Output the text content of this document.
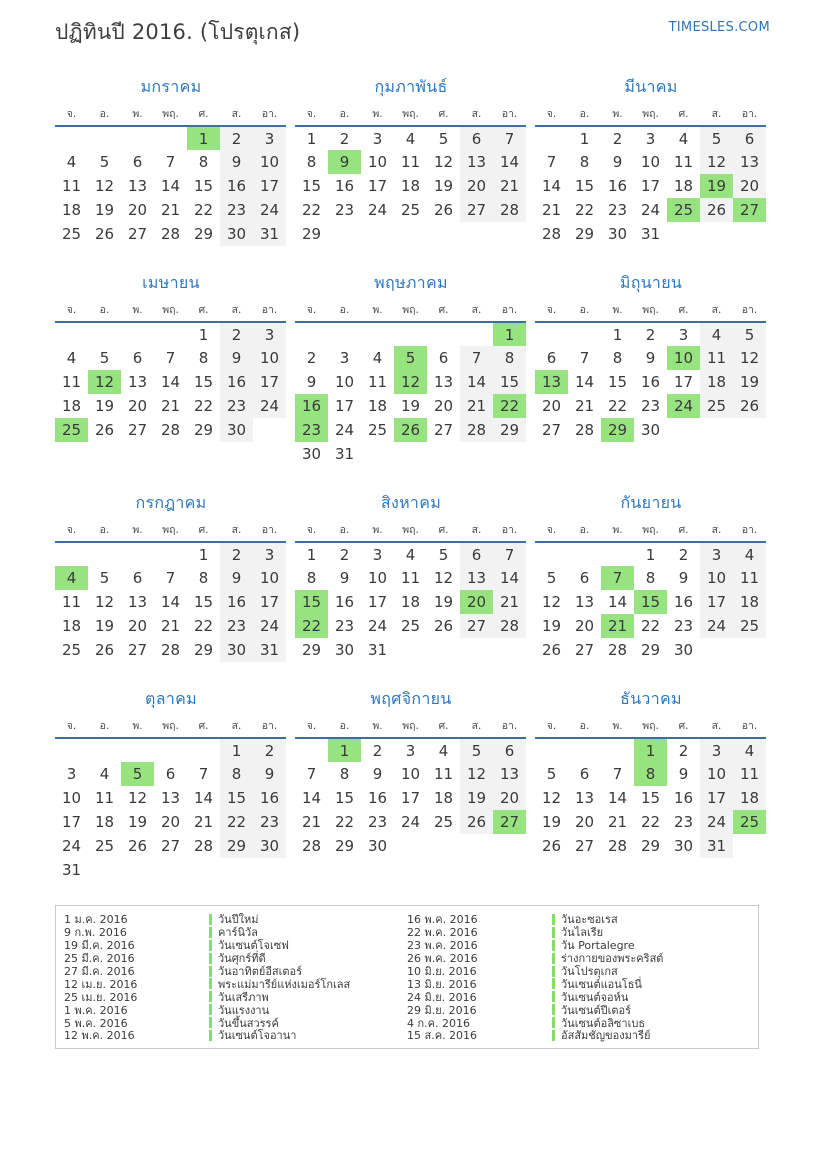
ปฏิทินปี 2016. (โปรตุเกส)	TIMESLES.COM
มกราคม
จ.	อ.	พ.	พฤ.	ศ.	ส.	อา.
				1	2	3
4	5	6	7	8	9	10
11	12	13	14	15	16	17
18	19	20	21	22	23	24
25	26	27	28	29	30	31
กุมภาพันธ์
จ.	อ.	พ.	พฤ.	ศ.	ส.	อา.
1	2	3	4	5	6	7
8	9	10	11	12	13	14
15	16	17	18	19	20	21
22	23	24	25	26	27	28
29						
มีนาคม
จ.	อ.	พ.	พฤ.	ศ.	ส.	อา.
	1	2	3	4	5	6
7	8	9	10	11	12	13
14	15	16	17	18	19	20
21	22	23	24	25	26	27
28	29	30	31			
เมษายน
จ.	อ.	พ.	พฤ.	ศ.	ส.	อา.
				1	2	3
4	5	6	7	8	9	10
11	12	13	14	15	16	17
18	19	20	21	22	23	24
25	26	27	28	29	30	
พฤษภาคม
จ.	อ.	พ.	พฤ.	ศ.	ส.	อา.
						1
2	3	4	5	6	7	8
9	10	11	12	13	14	15
16	17	18	19	20	21	22
23	24	25	26	27	28	29
30	31					
มิถุนายน
จ.	อ.	พ.	พฤ.	ศ.	ส.	อา.
		1	2	3	4	5
6	7	8	9	10	11	12
13	14	15	16	17	18	19
20	21	22	23	24	25	26
27	28	29	30			
กรกฎาคม
จ.	อ.	พ.	พฤ.	ศ.	ส.	อา.
				1	2	3
4	5	6	7	8	9	10
11	12	13	14	15	16	17
18	19	20	21	22	23	24
25	26	27	28	29	30	31
สิงหาคม
จ.	อ.	พ.	พฤ.	ศ.	ส.	อา.
1	2	3	4	5	6	7
8	9	10	11	12	13	14
15	16	17	18	19	20	21
22	23	24	25	26	27	28
29	30	31				
กันยายน
จ.	อ.	พ.	พฤ.	ศ.	ส.	อา.
			1	2	3	4
5	6	7	8	9	10	11
12	13	14	15	16	17	18
19	20	21	22	23	24	25
26	27	28	29	30		
ตุลาคม
จ.	อ.	พ.	พฤ.	ศ.	ส.	อา.
					1	2
3	4	5	6	7	8	9
10	11	12	13	14	15	16
17	18	19	20	21	22	23
24	25	26	27	28	29	30
31						
พฤศจิกายน
จ.	อ.	พ.	พฤ.	ศ.	ส.	อา.
	1	2	3	4	5	6
7	8	9	10	11	12	13
14	15	16	17	18	19	20
21	22	23	24	25	26	27
28	29	30				
ธันวาคม
จ.	อ.	พ.	พฤ.	ศ.	ส.	อา.
			1	2	3	4
5	6	7	8	9	10	11
12	13	14	15	16	17	18
19	20	21	22	23	24	25
26	27	28	29	30	31	
1 ม.ค. 2016	วันปีใหม่
9 ก.พ. 2016	คาร์นิวัล
19 มี.ค. 2016	วันเซนต์โจเซฟ
25 มี.ค. 2016	วันศุกร์ที่ดี
27 มี.ค. 2016	วันอาทิตย์อีสเตอร์
12 เม.ย. 2016	พระแม่มารีย์แห่งเมอร์โกเลส
25 เม.ย. 2016	วันเสรีภาพ
1 พ.ค. 2016	วันแรงงาน
5 พ.ค. 2016	วันขึ้นสวรรค์
12 พ.ค. 2016	วันเซนต์โจอานา
16 พ.ค. 2016	วันอะซอเรส
22 พ.ค. 2016	วันไลเรีย
23 พ.ค. 2016	วัน Portalegre
26 พ.ค. 2016	ร่างกายของพระคริสต์
10 มิ.ย. 2016	วันโปรตุเกส
13 มิ.ย. 2016	วันเซนต์แอนโธนี่
24 มิ.ย. 2016	วันเซนต์จอห์น
29 มิ.ย. 2016	วันเซนต์ปีเตอร์
4 ก.ค. 2016	วันเซนต์อลิซาเบธ
15 ส.ค. 2016	อัสสัมชัญของมารีย์
